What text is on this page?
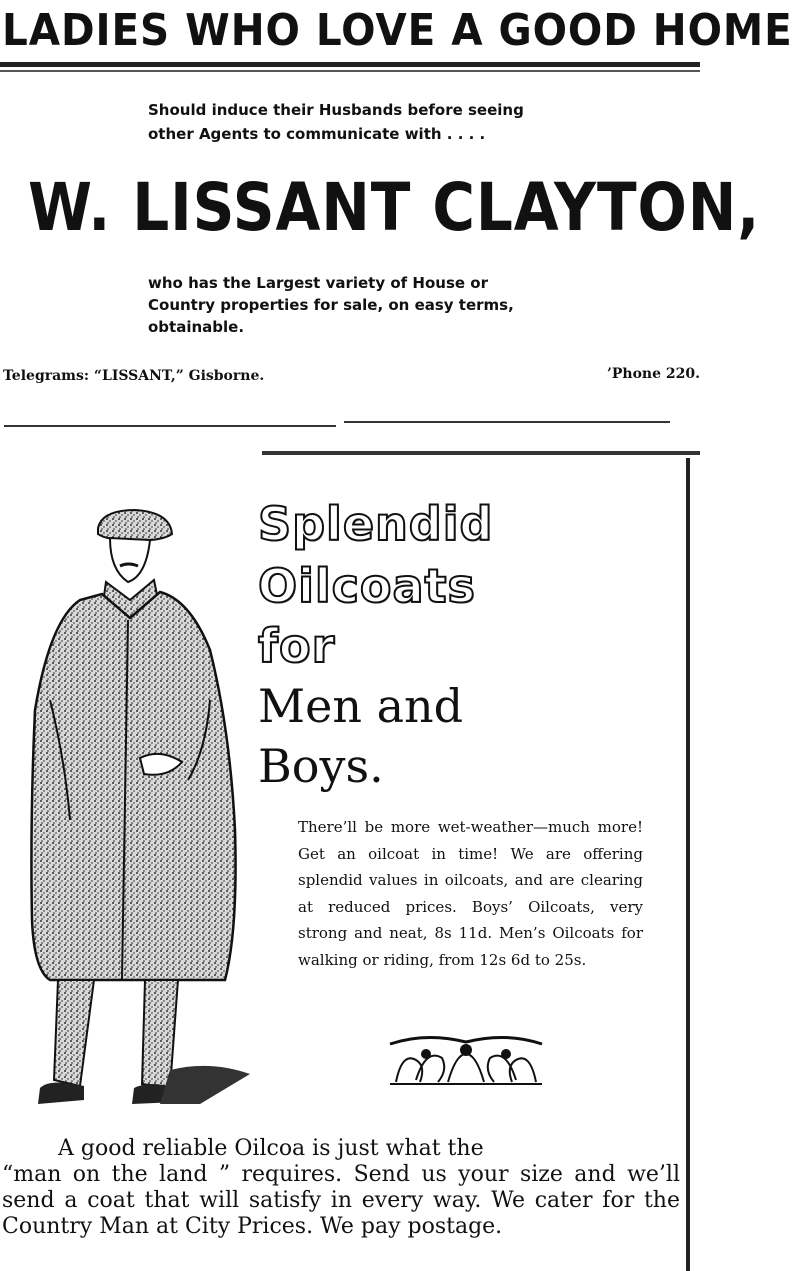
LADIES WHO LOVE A GOOD HOME
Should induce their Husbands before seeing
other Agents to communicate with . . . .
W. LISSANT CLAYTON,
who has the Largest variety of House or
Country properties for sale, on easy terms,
obtainable.
Telegrams: “LISSANT,” Gisborne.	’Phone 220.
Splendid
Oilcoats
for
Men and
Boys.
There’ll be more wet-weather—much more! Get an oilcoat in time! We are offering splendid values in oilcoats, and are clearing at reduced prices. Boys’ Oilcoats, very strong and neat, 8s 11d. Men’s Oilcoats for walking or riding, from 12s 6d to 25s.
A good reliable Oilcoa is just what the
“man on the land ” requires. Send us your size and we’ll send a coat that will satisfy in every way. We cater for the Country Man at City Prices. We pay postage.
